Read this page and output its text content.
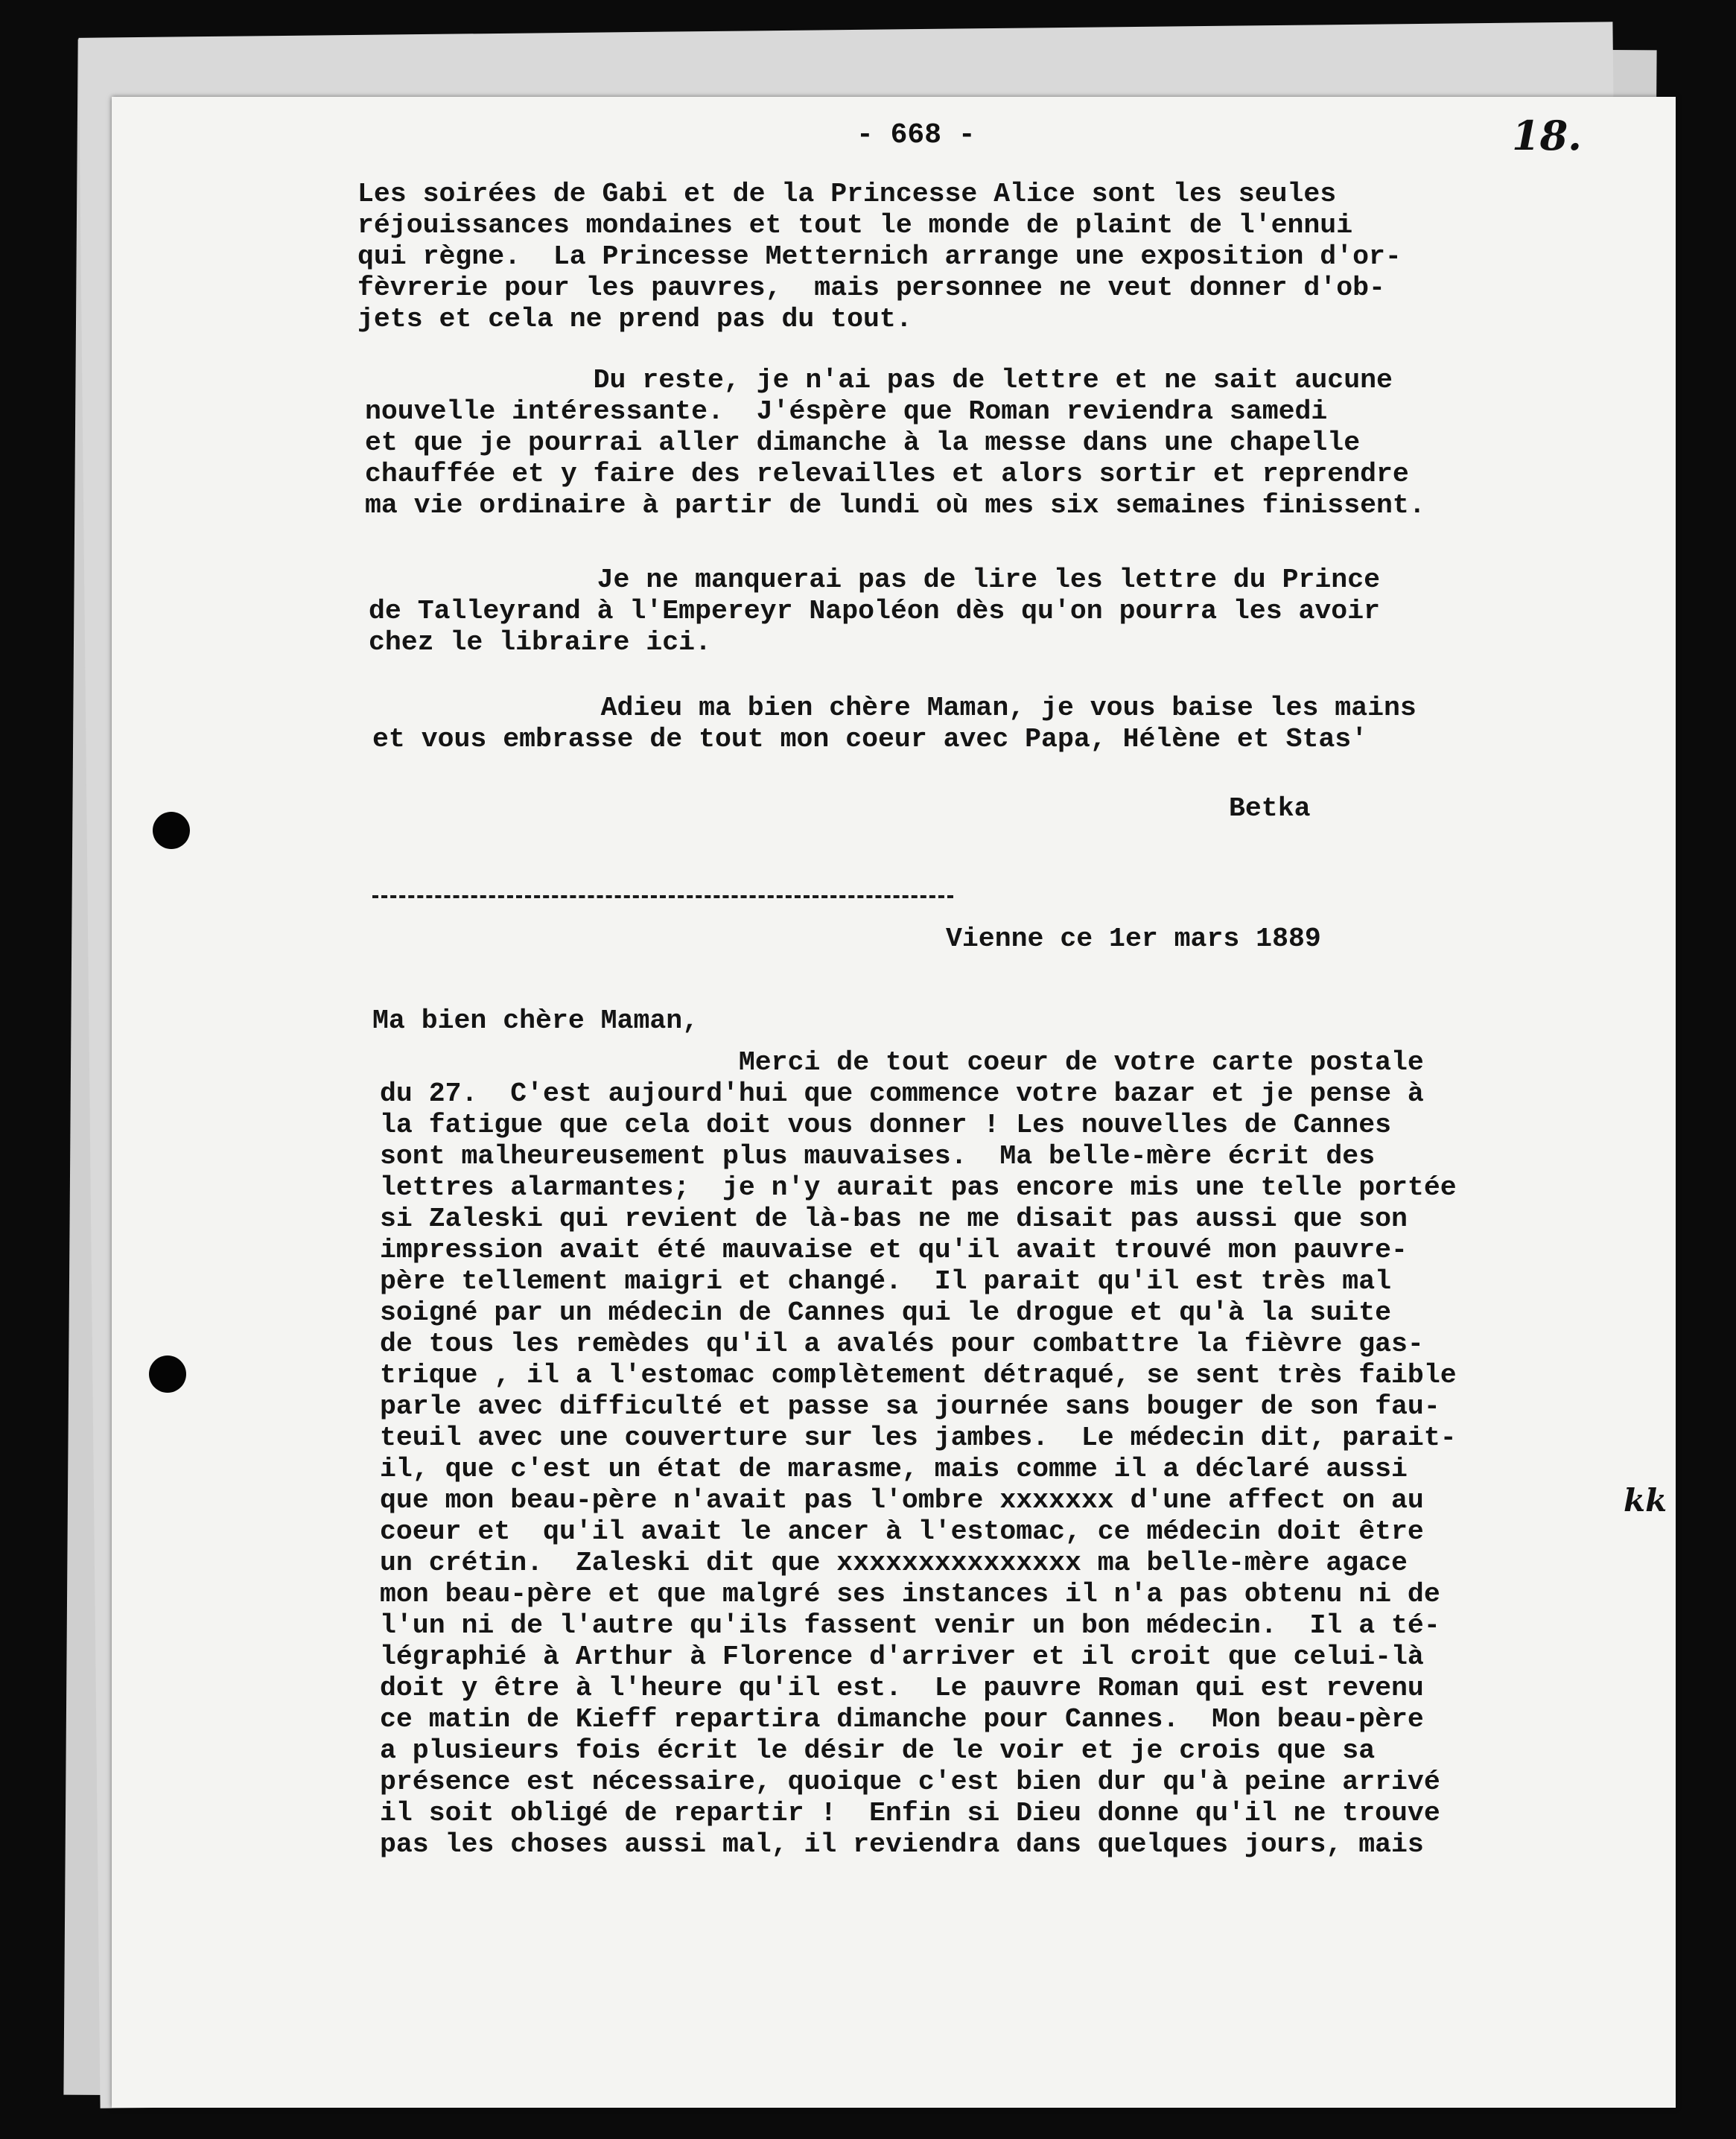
- 668 -	18.
Les soirées de Gabi et de la Princesse Alice sont les seules
réjouissances mondaines et tout le monde de plaint de l'ennui
qui règne.  La Princesse Metternich arrange une exposition d'or-
fèvrerie pour les pauvres,  mais personnee ne veut donner d'ob-
jets et cela ne prend pas du tout.
Du reste, je n'ai pas de lettre et ne sait aucune
nouvelle intéressante.  J'éspère que Roman reviendra samedi
et que je pourrai aller dimanche à la messe dans une chapelle
chauffée et y faire des relevailles et alors sortir et reprendre
ma vie ordinaire à partir de lundi où mes six semaines finissent.
Je ne manquerai pas de lire les lettre du Prince
de Talleyrand à l'Empereyr Napoléon dès qu'on pourra les avoir
chez le libraire ici.
Adieu ma bien chère Maman, je vous baise les mains
et vous embrasse de tout mon coeur avec Papa, Hélène et Stas'
Betka
Vienne ce 1er mars 1889
Ma bien chère Maman,
Merci de tout coeur de votre carte postale
du 27.  C'est aujourd'hui que commence votre bazar et je pense à
la fatigue que cela doit vous donner ! Les nouvelles de Cannes
sont malheureusement plus mauvaises.  Ma belle-mère écrit des
lettres alarmantes;  je n'y aurait pas encore mis une telle portée
si Zaleski qui revient de là-bas ne me disait pas aussi que son
impression avait été mauvaise et qu'il avait trouvé mon pauvre-
père tellement maigri et changé.  Il parait qu'il est très mal
soigné par un médecin de Cannes qui le drogue et qu'à la suite
de tous les remèdes qu'il a avalés pour combattre la fièvre gas-
trique , il a l'estomac complètement détraqué, se sent très faible
parle avec difficulté et passe sa journée sans bouger de son fau-
teuil avec une couverture sur les jambes.  Le médecin dit, parait-
il, que c'est un état de marasme, mais comme il a déclaré aussi
que mon beau-père n'avait pas l'ombre xxxxxxx d'une affect on au
coeur et  qu'il avait le ancer à l'estomac, ce médecin doit être
un crétin.  Zaleski dit que xxxxxxxxxxxxxxx ma belle-mère agace
mon beau-père et que malgré ses instances il n'a pas obtenu ni de
l'un ni de l'autre qu'ils fassent venir un bon médecin.  Il a té-
légraphié à Arthur à Florence d'arriver et il croit que celui-là
doit y être à l'heure qu'il est.  Le pauvre Roman qui est revenu
ce matin de Kieff repartira dimanche pour Cannes.  Mon beau-père
a plusieurs fois écrit le désir de le voir et je crois que sa
présence est nécessaire, quoique c'est bien dur qu'à peine arrivé
il soit obligé de repartir !  Enfin si Dieu donne qu'il ne trouve
pas les choses aussi mal, il reviendra dans quelques jours, mais
kk
